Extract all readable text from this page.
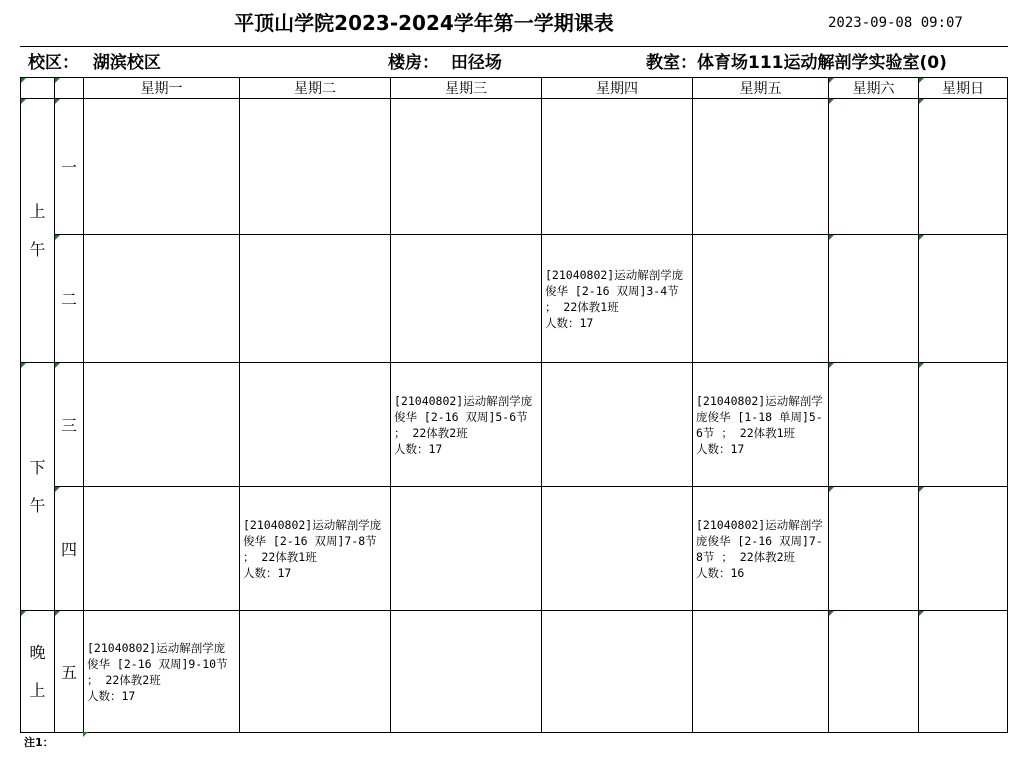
平顶山学院2023-2024学年第一学期课表	2023-09-08 09:07
校区： 湖滨校区	楼房： 田径场	教室：体育场111运动解剖学实验室(0)
		星期一	星期二	星期三	星期四	星期五	星期六	星期日
上
午	一							
	二				[21040802]运动解剖学庞俊华 [2-16 双周]3-4节 ； 22体教1班
人数：17			

下
午	三			[21040802]运动解剖学庞俊华 [2-16 双周]5-6节 ； 22体教2班
人数：17		[21040802]运动解剖学
庞俊华 [1-18 单周]5-6节 ； 22体教1班
人数：17		

	四		[21040802]运动解剖学庞俊华 [2-16 双周]7-8节 ； 22体教1班
人数：17			[21040802]运动解剖学
庞俊华 [2-16 双周]7-8节 ； 22体教2班
人数：16		

晚
上	五	[21040802]运动解剖学庞俊华 [2-16 双周]9-10节 ； 22体教2班
人数：17						

注1：
